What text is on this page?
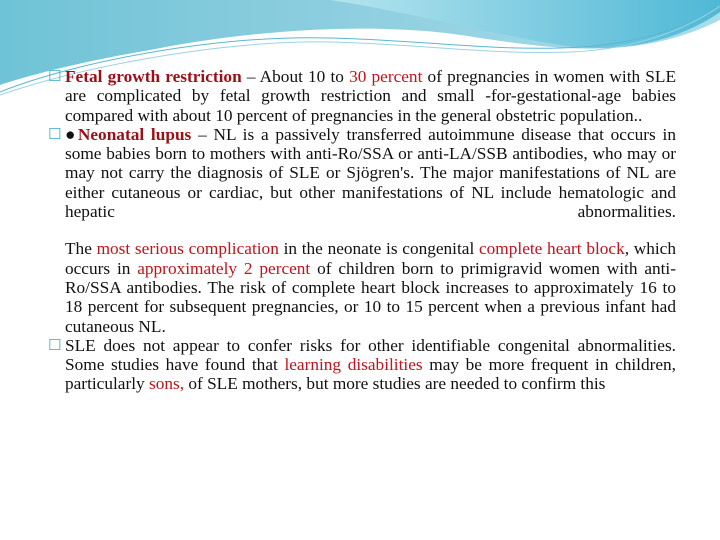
☐ Fetal growth restriction – About 10 to 30 percent of pregnancies in women with SLE are complicated by fetal growth restriction and small -for-gestational-age babies compared with about 10 percent of pregnancies in the general obstetric population..

☐ ●Neonatal lupus – NL is a passively transferred autoimmune disease that occurs in some babies born to mothers with anti-Ro/SSA or anti-LA/SSB antibodies, who may or may not carry the diagnosis of SLE or Sjögren's. The major manifestations of NL are either cutaneous or cardiac, but other manifestations of NL include hematologic and hepatic abnormalities.

The most serious complication in the neonate is congenital complete heart block, which occurs in approximately 2 percent of children born to primigravid women with anti-Ro/SSA antibodies. The risk of complete heart block increases to approximately 16 to 18 percent for subsequent pregnancies, or 10 to 15 percent when a previous infant had cutaneous NL.

☐ SLE does not appear to confer risks for other identifiable congenital abnormalities. Some studies have found that learning disabilities may be more frequent in children, particularly sons, of SLE mothers, but more studies are needed to confirm this
